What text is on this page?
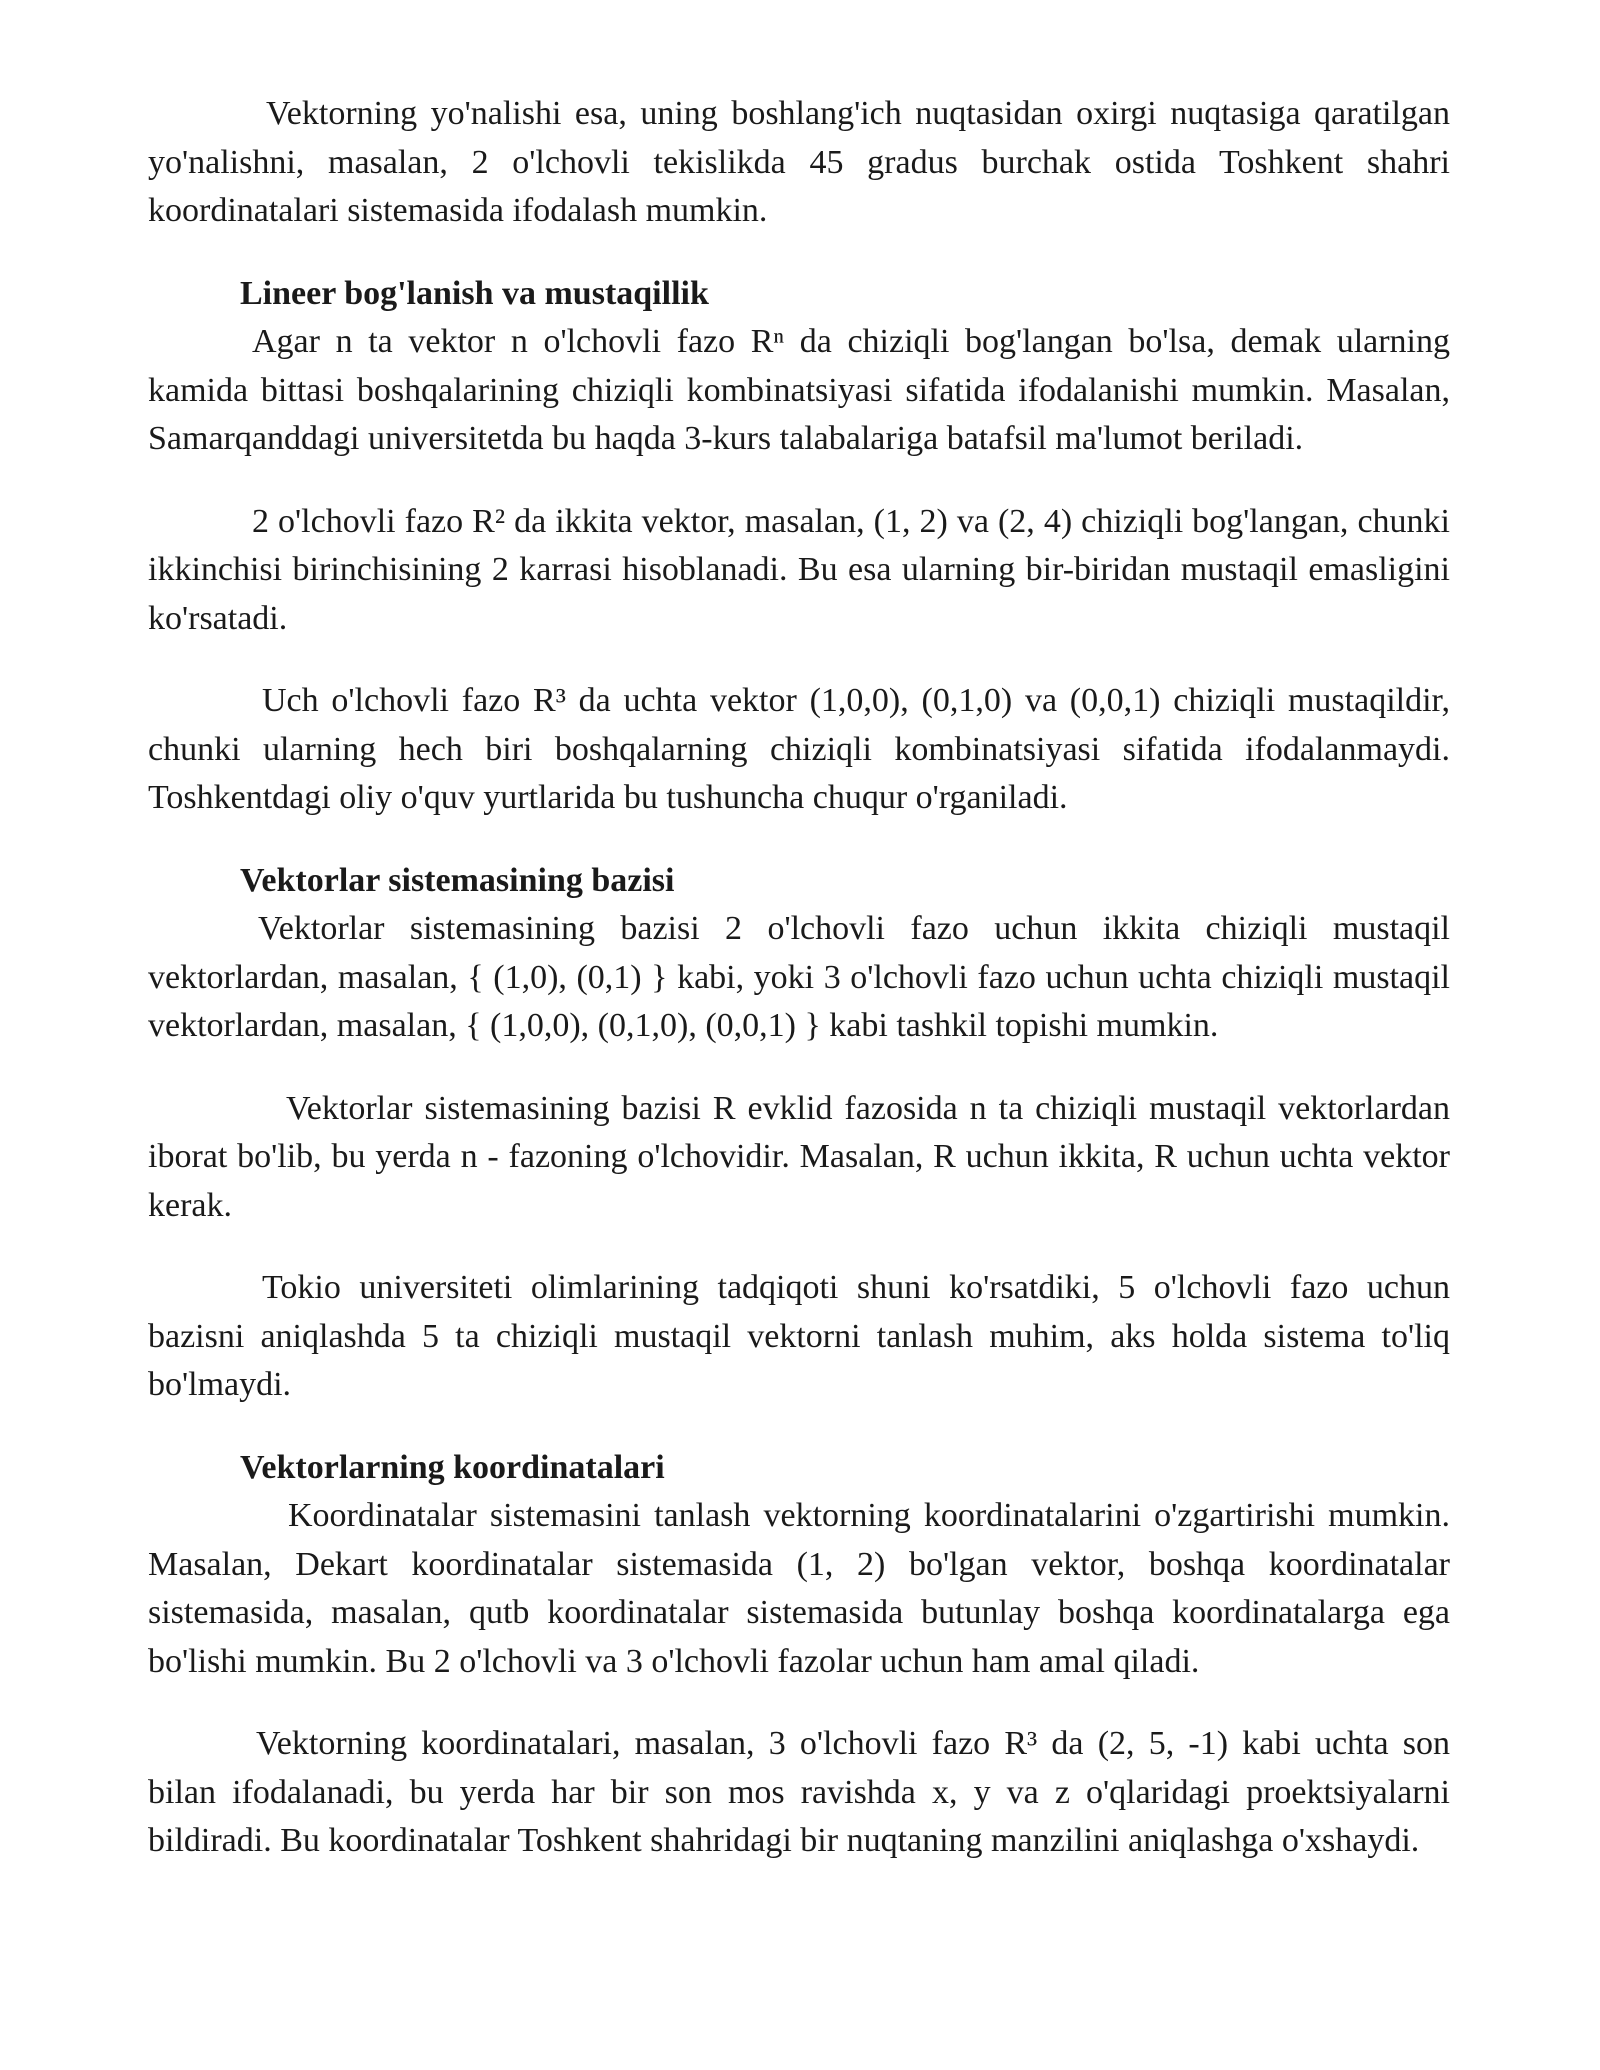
Vektorning yo'nalishi esa, uning boshlang'ich nuqtasidan oxirgi nuqtasiga qaratilgan yo'nalishni, masalan, 2 o'lchovli tekislikda 45 gradus burchak ostida Toshkent shahri koordinatalari sistemasida ifodalash mumkin.

Lineer bog'lanish va mustaqillik

Agar n ta vektor n o'lchovli fazo Rⁿ da chiziqli bog'langan bo'lsa, demak ularning kamida bittasi boshqalarining chiziqli kombinatsiyasi sifatida ifodalanishi mumkin. Masalan, Samarqanddagi universitetda bu haqda 3-kurs talabalariga batafsil ma'lumot beriladi.

2 o'lchovli fazo R² da ikkita vektor, masalan, (1, 2) va (2, 4) chiziqli bog'langan, chunki ikkinchisi birinchisining 2 karrasi hisoblanadi. Bu esa ularning bir-biridan mustaqil emasligini ko'rsatadi.

Uch o'lchovli fazo R³ da uchta vektor (1,0,0), (0,1,0) va (0,0,1) chiziqli mustaqildir, chunki ularning hech biri boshqalarning chiziqli kombinatsiyasi sifatida ifodalanmaydi. Toshkentdagi oliy o'quv yurtlarida bu tushuncha chuqur o'rganiladi.

Vektorlar sistemasining bazisi

Vektorlar sistemasining bazisi 2 o'lchovli fazo uchun ikkita chiziqli mustaqil vektorlardan, masalan, { (1,0), (0,1) } kabi, yoki 3 o'lchovli fazo uchun uchta chiziqli mustaqil vektorlardan, masalan, { (1,0,0), (0,1,0), (0,0,1) } kabi tashkil topishi mumkin.

Vektorlar sistemasining bazisi R evklid fazosida n ta chiziqli mustaqil vektorlardan iborat bo'lib, bu yerda n - fazoning o'lchovidir. Masalan, R uchun ikkita, R uchun uchta vektor kerak.

Tokio universiteti olimlarining tadqiqoti shuni ko'rsatdiki, 5 o'lchovli fazo uchun bazisni aniqlashda 5 ta chiziqli mustaqil vektorni tanlash muhim, aks holda sistema to'liq bo'lmaydi.

Vektorlarning koordinatalari

Koordinatalar sistemasini tanlash vektorning koordinatalarini o'zgartirishi mumkin. Masalan, Dekart koordinatalar sistemasida (1, 2) bo'lgan vektor, boshqa koordinatalar sistemasida, masalan, qutb koordinatalar sistemasida butunlay boshqa koordinatalarga ega bo'lishi mumkin. Bu 2 o'lchovli va 3 o'lchovli fazolar uchun ham amal qiladi.

Vektorning koordinatalari, masalan, 3 o'lchovli fazo R³ da (2, 5, -1) kabi uchta son bilan ifodalanadi, bu yerda har bir son mos ravishda x, y va z o'qlaridagi proektsiyalarni bildiradi. Bu koordinatalar Toshkent shahridagi bir nuqtaning manzilini aniqlashga o'xshaydi.
